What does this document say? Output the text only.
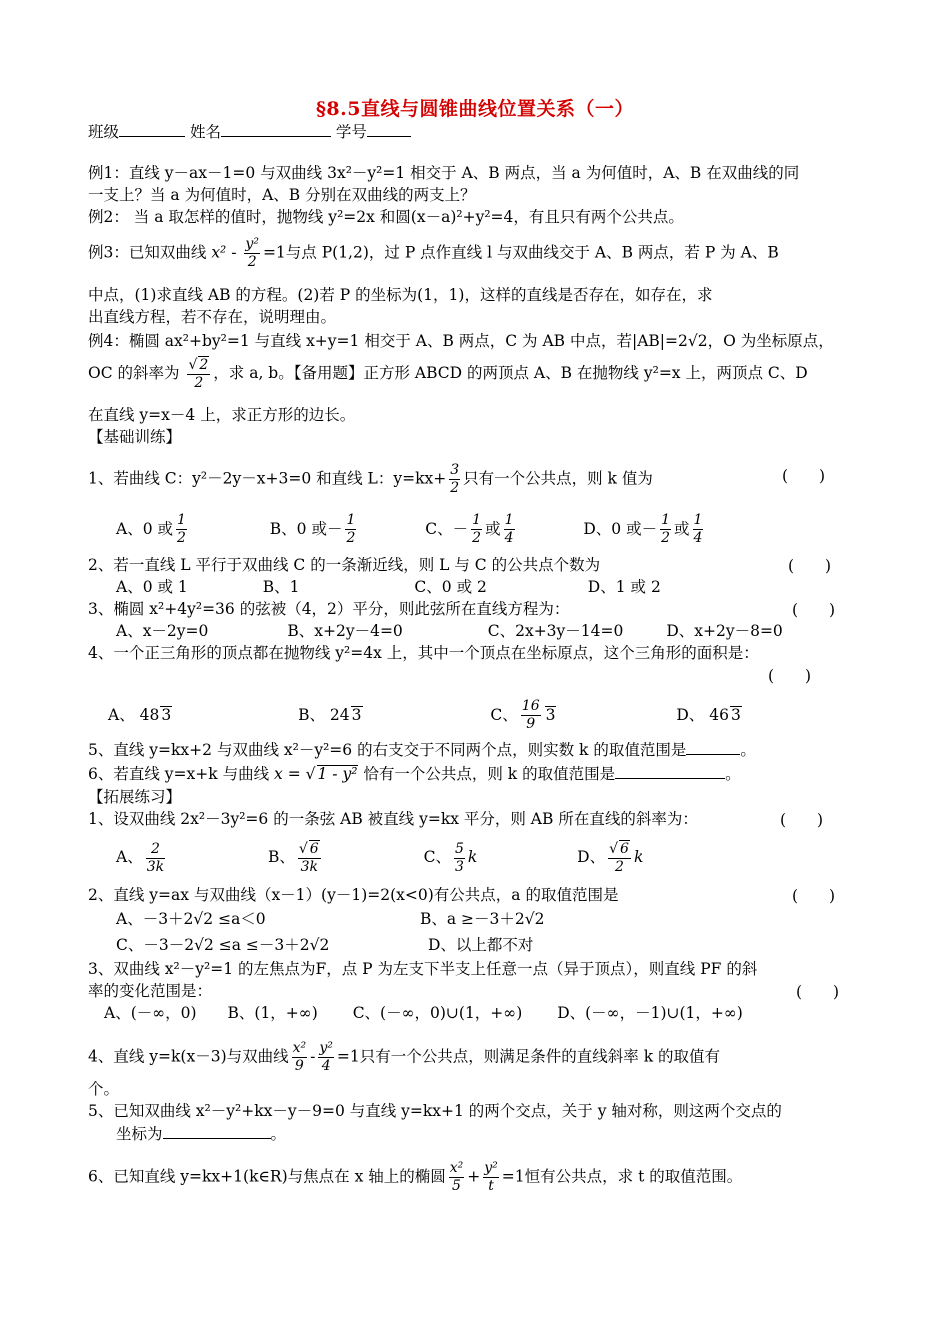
§8.5直线与圆锥曲线位置关系（一）
班级	姓名	学号
例1：直线 y－ax－1=0 与双曲线 3x²－y²=1 相交于 A、B 两点，当 a 为何值时，A、B 在双曲线的同
一支上？当 a 为何值时，A、B 分别在双曲线的两支上？
例2： 当 a 取怎样的值时，抛物线 y²=2x 和圆(x－a)²+y²=4，有且只有两个公共点。
例3：已知双曲线 $x^2 - \frac{\text{y²}}{2} =1$与点 P(1,2)，过 P 点作直线 l 与双曲线交于 A、B 两点，若 P 为 A、B
中点，(1)求直线 AB 的方程。(2)若 P 的坐标为(1，1)，这样的直线是否存在，如存在，求
出直线方程，若不存在，说明理由。
例4：椭圆 ax²+by²=1 与直线 x+y=1 相交于 A、B 两点，C 为 AB 中点，若|AB|=2√2，O 为坐标原点，
OC 的斜率为 $\frac{√ 2}{2}$ ，求 a, b。【备用题】正方形 ABCD 的两顶点 A、B 在抛物线 y²=x 上，两顶点 C、D
在直线 y=x－4 上，求正方形的边长。
【基础训练】
1、若曲线 C：y²－2y－x+3=0 和直线 L：$y=kx+ \frac{3}{2}$ 只有一个公共点，则 k 值为	(　　)
A、0 或 $\frac{1}{2}$	B、0 或－ $\frac{1}{2}$	C、－ $\frac{1}{2}$ 或 $\frac{1}{4}$	D、0 或－ $\frac{1}{2}$ 或 $\frac{1}{4}$
2、若一直线 L 平行于双曲线 C 的一条渐近线，则 L 与 C 的公共点个数为	(　　)
A、0 或 1	B、1	C、0 或 2	D、1 或 2
3、椭圆 x²+4y²=36 的弦被（4，2）平分，则此弦所在直线方程为：	(　　)
A、x－2y=0	B、x+2y－4=0	C、2x+3y－14=0	D、x+2y－8=0
4、一个正三角形的顶点都在抛物线 y²=4x 上，其中一个顶点在坐标原点，这个三角形的面积是：
(　　)
A、 48 3	B、 24 3	C、 $\frac{16}{9} 3$	D、 46 3
5、直线 y=kx+2 与双曲线 x²－y²=6 的右支交于不同两个点，则实数 k 的取值范围是	。
6、若直线 y=x+k 与曲线 x = √ 1 - y² 恰有一个公共点，则 k 的取值范围是	。
【拓展练习】
1、设双曲线 2x²－3y²=6 的一条弦 AB 被直线 y=kx 平分，则 AB 所在直线的斜率为：	(　　)
A、 $\frac{2}{3k}$	B、 $\frac{√ 6}{3k}$	C、 $\frac{5}{3}$ k	D、 $\frac{√ 6}{2}$ k
2、直线 y=ax 与双曲线（x－1）(y－1)=2(x<0)有公共点，a 的取值范围是	(　　)
A、－3＋2√2 ≤a＜0	B、a ≥－3＋2√2
C、－3－2√2 ≤a ≤－3＋2√2	D、以上都不对
3、双曲线 x²－y²=1 的左焦点为F，点 P 为左支下半支上任意一点（异于顶点），则直线 PF 的斜
率的变化范围是：	(　　)
A、(－∞，0) B、(1，+∞) C、(－∞，0)∪(1，+∞) D、(－∞，－1)∪(1，+∞)
4、直线 y=k(x－3)与双曲线 $\frac{\text{x²}}{9} - \frac{\text{y²}}{4} =1$只有一个公共点，则满足条件的直线斜率 k 的取值有
个。
5、已知双曲线 x²－y²+kx－y－9=0 与直线 y=kx+1 的两个交点，关于 y 轴对称，则这两个交点的
坐标为	。
6、已知直线 y=kx+1(k∈R)与焦点在 x 轴上的椭圆 $\frac{\text{x²}}{5} + \frac{\text{y²}}{t} =1$恒有公共点，求 t 的取值范围。
